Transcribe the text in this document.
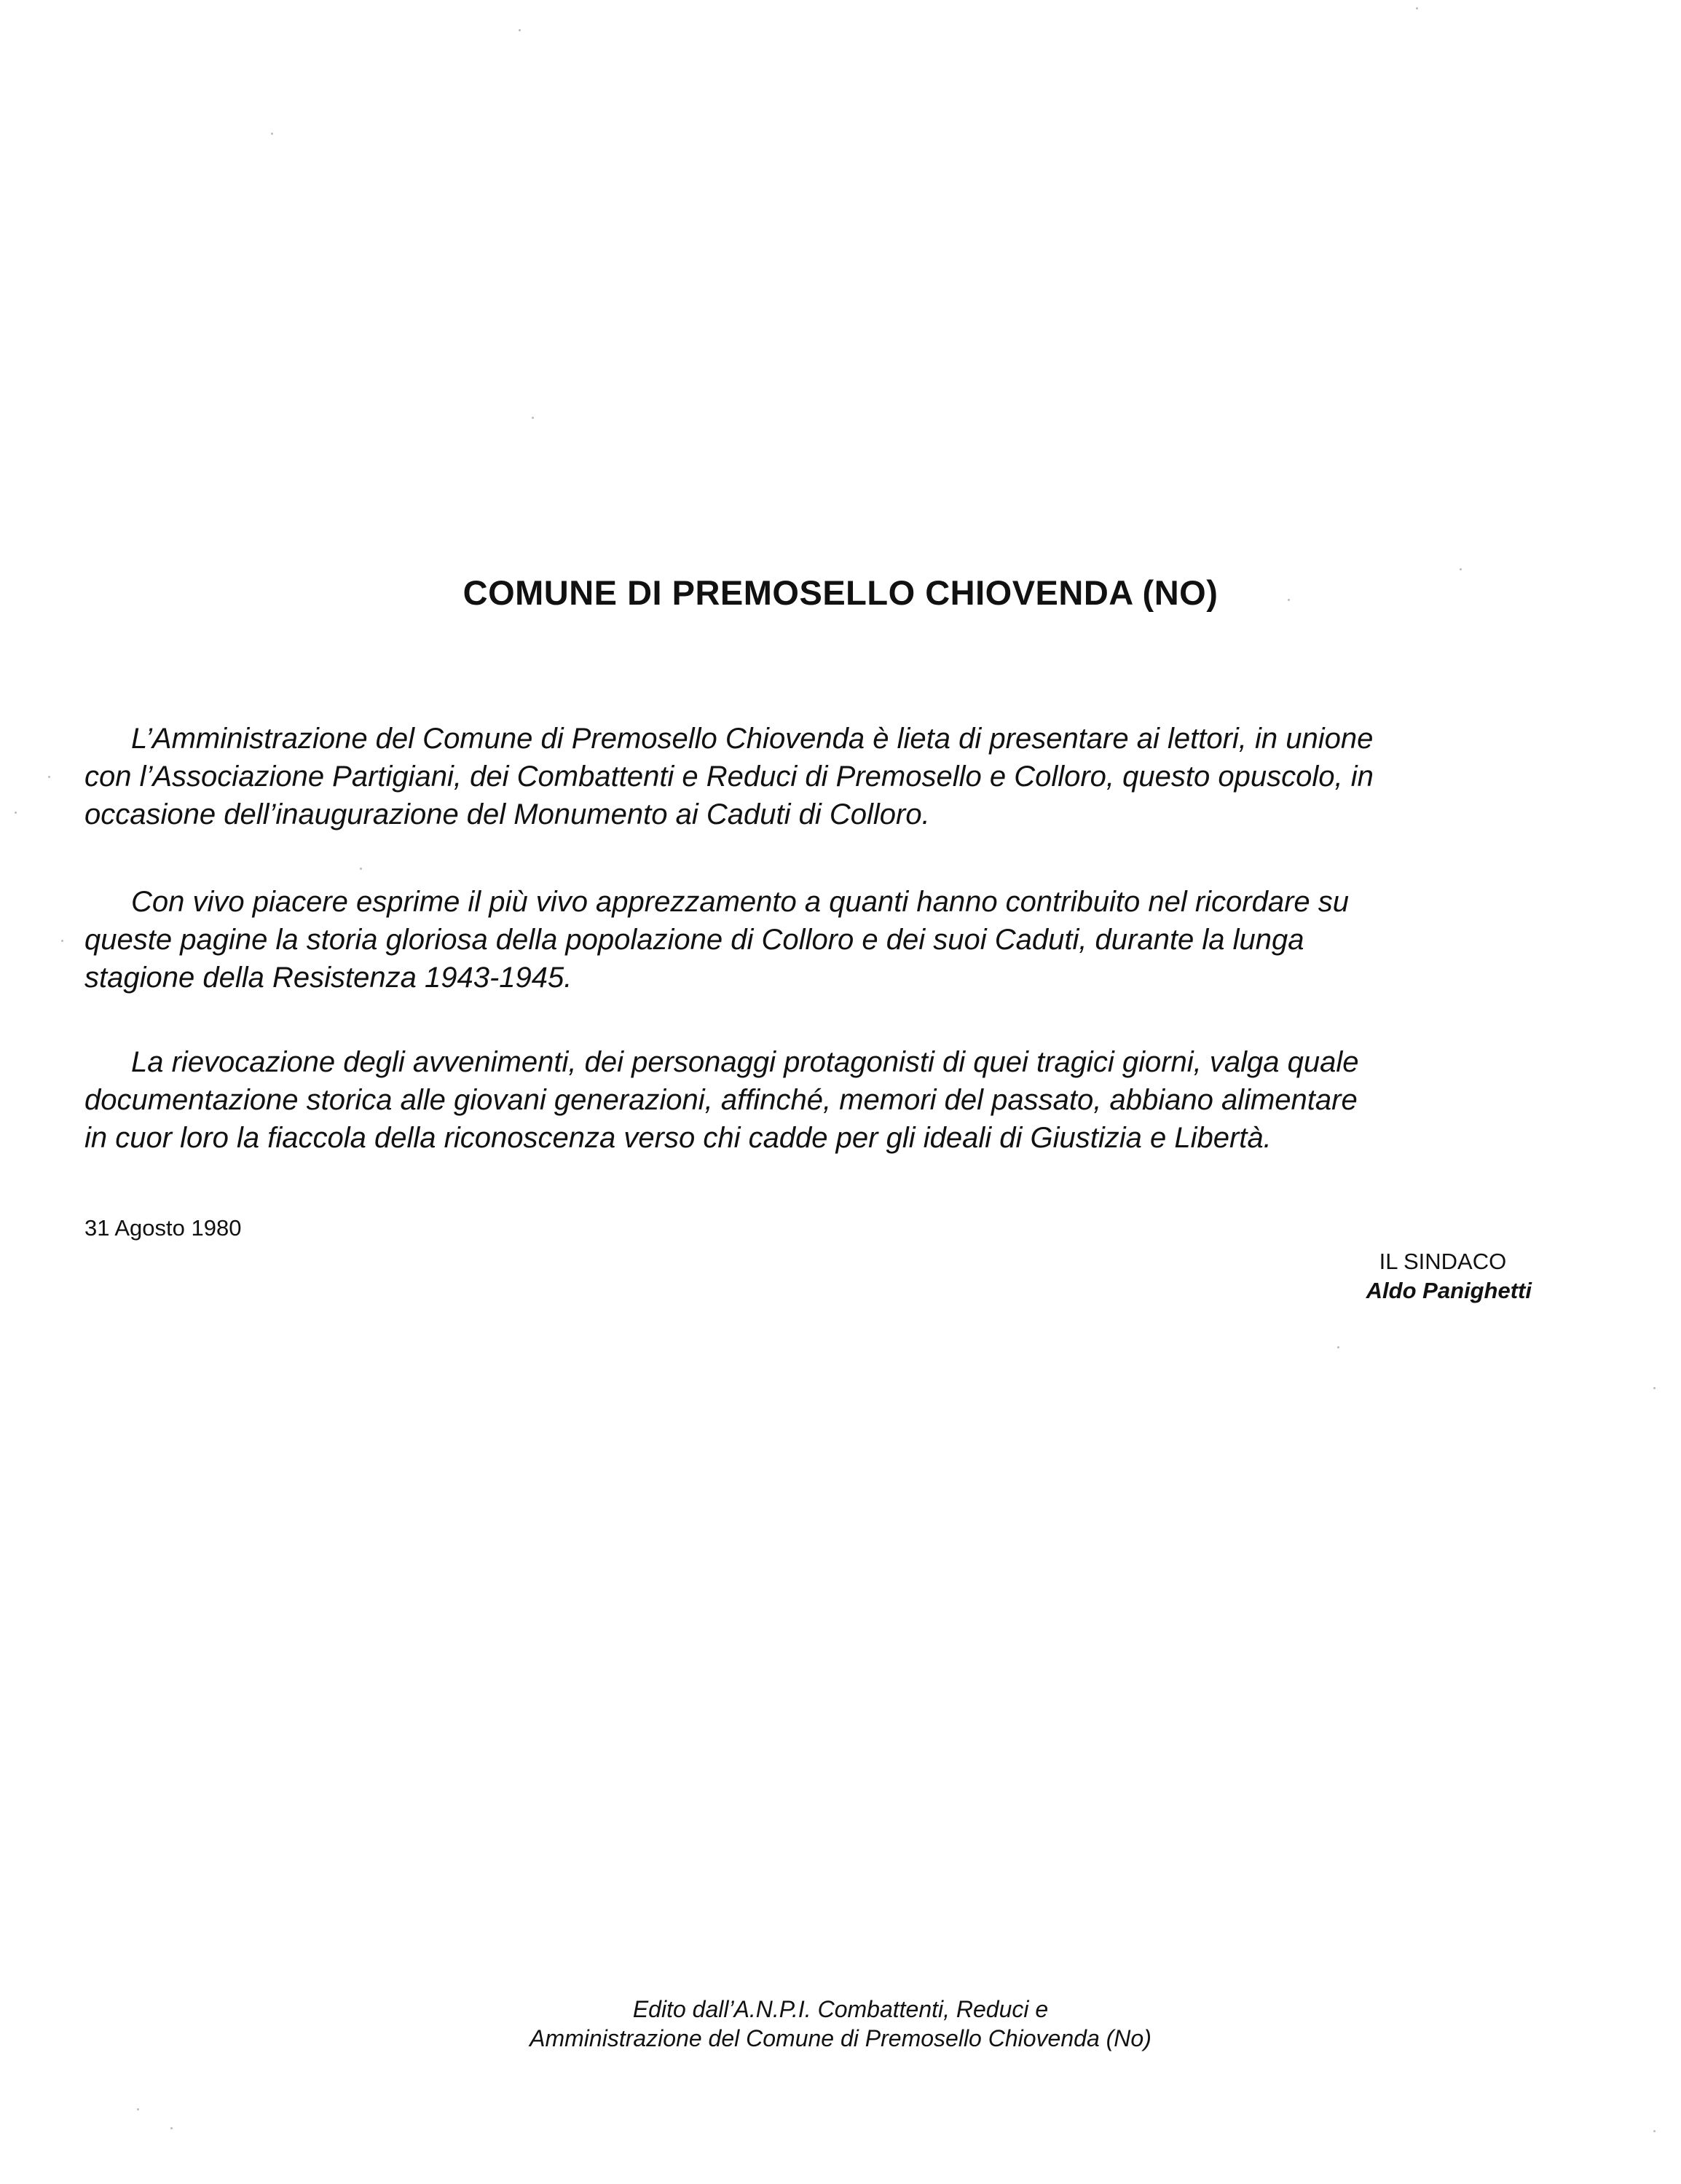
COMUNE DI PREMOSELLO CHIOVENDA (NO)
L’Amministrazione del Comune di Premosello Chiovenda è lieta di presentare ai lettori, in unione
con l’Associazione Partigiani, dei Combattenti e Reduci di Premosello e Colloro, questo opuscolo, in
occasione dell’inaugurazione del Monumento ai Caduti di Colloro.
Con vivo piacere esprime il più vivo apprezzamento a quanti hanno contribuito nel ricordare su
queste pagine la storia gloriosa della popolazione di Colloro e dei suoi Caduti, durante la lunga
stagione della Resistenza 1943-1945.
La rievocazione degli avvenimenti, dei personaggi protagonisti di quei tragici giorni, valga quale
documentazione storica alle giovani generazioni, affinché, memori del passato, abbiano alimentare
in cuor loro la fiaccola della riconoscenza verso chi cadde per gli ideali di Giustizia e Libertà.

31 Agosto 1980

IL SINDACO
Aldo Panighetti
Edito dall’A.N.P.I. Combattenti, Reduci e
Amministrazione del Comune di Premosello Chiovenda (No)
